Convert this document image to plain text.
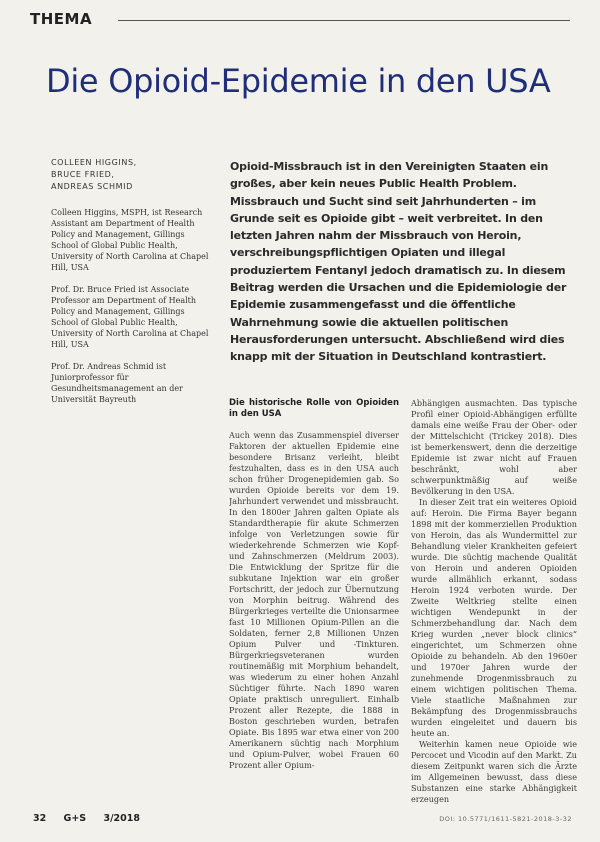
THEMA
Die Opioid-Epidemie in den USA
COLLEEN HIGGINS,
BRUCE FRIED,
ANDREAS SCHMID

Colleen Higgins, MSPH, ist Research Assistant am Department of Health Policy and Management, Gillings School of Global Public Health, University of North Carolina at Chapel Hill, USA

Prof. Dr. Bruce Fried ist Associate Professor am Department of Health Policy and Management, Gillings School of Global Public Health, University of North Carolina at Chapel Hill, USA

Prof. Dr. Andreas Schmid ist Juniorprofessor für Gesundheitsmanagement an der Universität Bayreuth

Opioid-Missbrauch ist in den Vereinigten Staaten ein großes, aber kein neues Public Health Problem. Missbrauch und Sucht sind seit Jahrhunderten – im Grunde seit es Opioide gibt – weit verbreitet. In den letzten Jahren nahm der Missbrauch von Heroin, verschreibungspflichtigen Opiaten und illegal produziertem Fentanyl jedoch dramatisch zu. In diesem Beitrag werden die Ursachen und die Epidemiologie der Epidemie zusammengefasst und die öffentliche Wahrnehmung sowie die aktuellen politischen Herausforderungen untersucht. Abschließend wird dies knapp mit der Situation in Deutschland kontrastiert.
Die historische Rolle von Opioiden in den USA

Auch wenn das Zusammenspiel diverser Faktoren der aktuellen Epidemie eine besondere Brisanz verleiht, bleibt festzuhalten, dass es in den USA auch schon früher Drogenepidemien gab. So wurden Opioide bereits vor dem 19. Jahrhundert verwendet und missbraucht. In den 1800er Jahren galten Opiate als Standardtherapie für akute Schmerzen infolge von Verletzungen sowie für wiederkehrende Schmerzen wie Kopf- und Zahnschmerzen (Meldrum 2003). Die Entwicklung der Spritze für die subkutane Injektion war ein großer Fortschritt, der jedoch zur Übernutzung von Morphin beitrug. Während des Bürgerkrieges verteilte die Unionsarmee fast 10 Millionen Opium-Pillen an die Soldaten, ferner 2,8 Millionen Unzen Opium Pulver und -Tinkturen. Bürgerkriegsveteranen wurden routinemäßig mit Morphium behandelt, was wiederum zu einer hohen Anzahl Süchtiger führte. Nach 1890 waren Opiate praktisch unreguliert. Einhalb Prozent aller Rezepte, die 1888 in Boston geschrieben wurden, betrafen Opiate. Bis 1895 war etwa einer von 200 Amerikanern süchtig nach Morphium und Opium-Pulver, wobei Frauen 60 Prozent aller Opium-

Abhängigen ausmachten. Das typische Profil einer Opioid-Abhängigen erfüllte damals eine weiße Frau der Ober- oder der Mittelschicht (Trickey 2018). Dies ist bemerkenswert, denn die derzeitige Epidemie ist zwar nicht auf Frauen beschränkt, wohl aber schwerpunktmäßig auf weiße Bevölkerung in den USA.

In dieser Zeit trat ein weiteres Opioid auf: Heroin. Die Firma Bayer begann 1898 mit der kommerziellen Produktion von Heroin, das als Wundermittel zur Behandlung vieler Krankheiten gefeiert wurde. Die süchtig machende Qualität von Heroin und anderen Opioiden wurde allmählich erkannt, sodass Heroin 1924 verboten wurde. Der Zweite Weltkrieg stellte einen wichtigen Wendepunkt in der Schmerzbehandlung dar. Nach dem Krieg wurden „never block clinics“ eingerichtet, um Schmerzen ohne Opioide zu behandeln. Ab den 1960er und 1970er Jahren wurde der zunehmende Drogenmissbrauch zu einem wichtigen politischen Thema. Viele staatliche Maßnahmen zur Bekämpfung des Drogenmissbrauchs wurden eingeleitet und dauern bis heute an.

Weiterhin kamen neue Opioide wie Percocet und Vicodin auf den Markt. Zu diesem Zeitpunkt waren sich die Ärzte im Allgemeinen bewusst, dass diese Substanzen eine starke Abhängigkeit erzeugen

32 G+S 3/2018	DOI: 10.5771/1611-5821-2018-3-32
